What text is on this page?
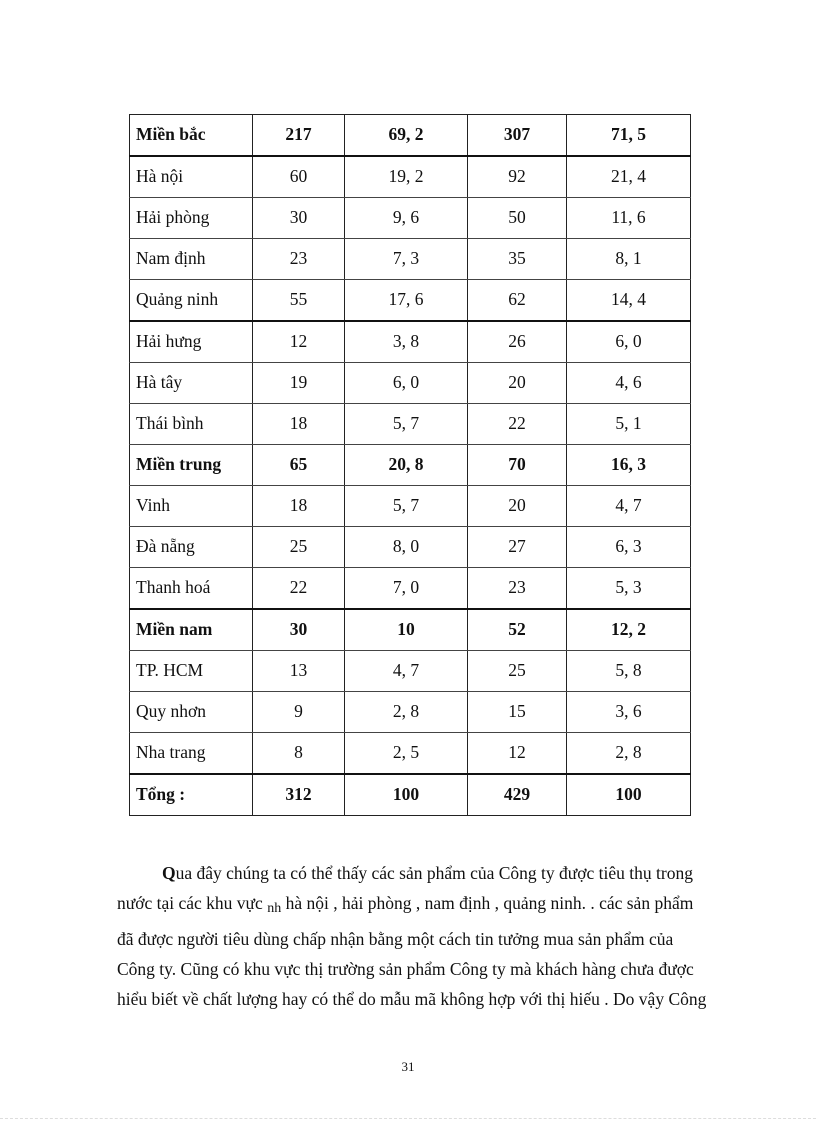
Miền bắc	217	69, 2	307	71, 5
Hà nội	60	19, 2	92	21, 4
Hải phòng	30	9, 6	50	11, 6
Nam định	23	7, 3	35	8, 1
Quảng ninh	55	17, 6	62	14, 4
Hải hưng	12	3, 8	26	6, 0
Hà tây	19	6, 0	20	4, 6
Thái bình	18	5, 7	22	5, 1
Miền trung	65	20, 8	70	16, 3
Vinh	18	5, 7	20	4, 7
Đà nẵng	25	8, 0	27	6, 3
Thanh hoá	22	7, 0	23	5, 3
Miền nam	30	10	52	12, 2
TP. HCM	13	4, 7	25	5, 8
Quy nhơn	9	2, 8	15	3, 6
Nha trang	8	2, 5	12	2, 8
Tổng :	312	100	429	100

Qua đây chúng ta có thể thấy các sản phẩm của Công ty được tiêu thụ trong
nước tại các khu vực nh hà nội , hải phòng , nam định , quảng ninh. . các sản phẩm
đã được người tiêu dùng chấp nhận bằng một cách tin tưởng mua sản phẩm của
Công ty. Cũng có khu vực thị trường sản phẩm Công ty mà khách hàng chưa được
hiểu biết về chất lượng hay có thể do mẫu mã không hợp với thị hiếu . Do vậy Công

31
